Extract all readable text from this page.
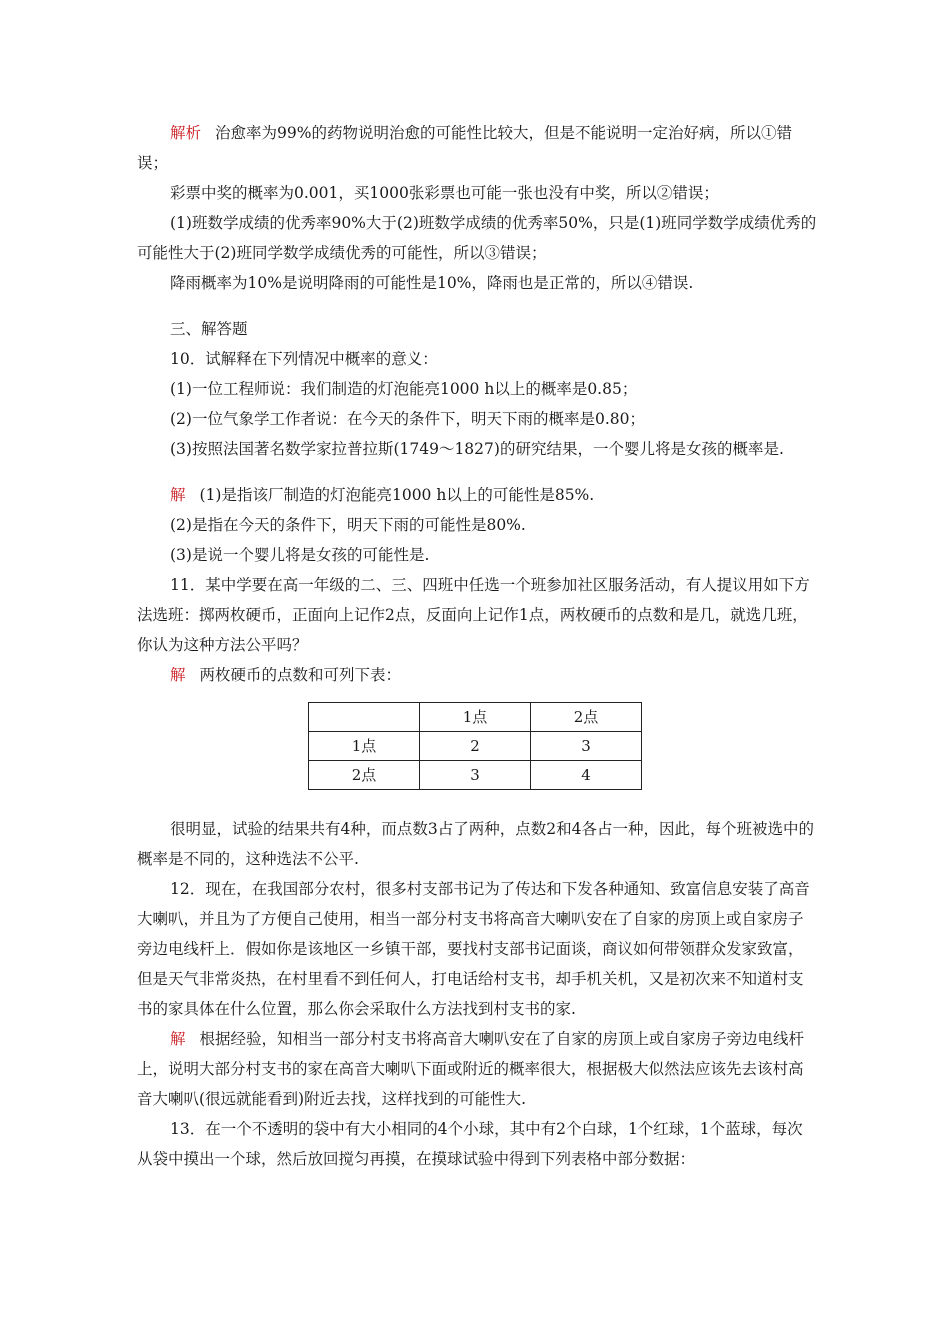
解析 治愈率为99%的药物说明治愈的可能性比较大，但是不能说明一定治好病，所以①错误；

彩票中奖的概率为0.001，买1000张彩票也可能一张也没有中奖，所以②错误；

(1)班数学成绩的优秀率90%大于(2)班数学成绩的优秀率50%，只是(1)班同学数学成绩优秀的可能性大于(2)班同学数学成绩优秀的可能性，所以③错误；

降雨概率为10%是说明降雨的可能性是10%，降雨也是正常的，所以④错误.

三、解答题

10．试解释在下列情况中概率的意义：

(1)一位工程师说：我们制造的灯泡能亮1000 h以上的概率是0.85；

(2)一位气象学工作者说：在今天的条件下，明天下雨的概率是0.80；

(3)按照法国著名数学家拉普拉斯(1749～1827)的研究结果，一个婴儿将是女孩的概率是.

解 (1)是指该厂制造的灯泡能亮1000 h以上的可能性是85%.

(2)是指在今天的条件下，明天下雨的可能性是80%.

(3)是说一个婴儿将是女孩的可能性是.

11．某中学要在高一年级的二、三、四班中任选一个班参加社区服务活动，有人提议用如下方法选班：掷两枚硬币，正面向上记作2点，反面向上记作1点，两枚硬币的点数和是几，就选几班，你认为这种方法公平吗？

解 两枚硬币的点数和可列下表：

	1点	2点
1点	2	3
2点	3	4

很明显，试验的结果共有4种，而点数3占了两种，点数2和4各占一种，因此，每个班被选中的概率是不同的，这种选法不公平.

12．现在，在我国部分农村，很多村支部书记为了传达和下发各种通知、致富信息安装了高音大喇叭，并且为了方便自己使用，相当一部分村支书将高音大喇叭安在了自家的房顶上或自家房子旁边电线杆上．假如你是该地区一乡镇干部，要找村支部书记面谈，商议如何带领群众发家致富，但是天气非常炎热，在村里看不到任何人，打电话给村支书，却手机关机，又是初次来不知道村支书的家具体在什么位置，那么你会采取什么方法找到村支书的家.

解 根据经验，知相当一部分村支书将高音大喇叭安在了自家的房顶上或自家房子旁边电线杆上，说明大部分村支书的家在高音大喇叭下面或附近的概率很大，根据极大似然法应该先去该村高音大喇叭(很远就能看到)附近去找，这样找到的可能性大.

13．在一个不透明的袋中有大小相同的4个小球，其中有2个白球，1个红球，1个蓝球，每次从袋中摸出一个球，然后放回搅匀再摸，在摸球试验中得到下列表格中部分数据：
